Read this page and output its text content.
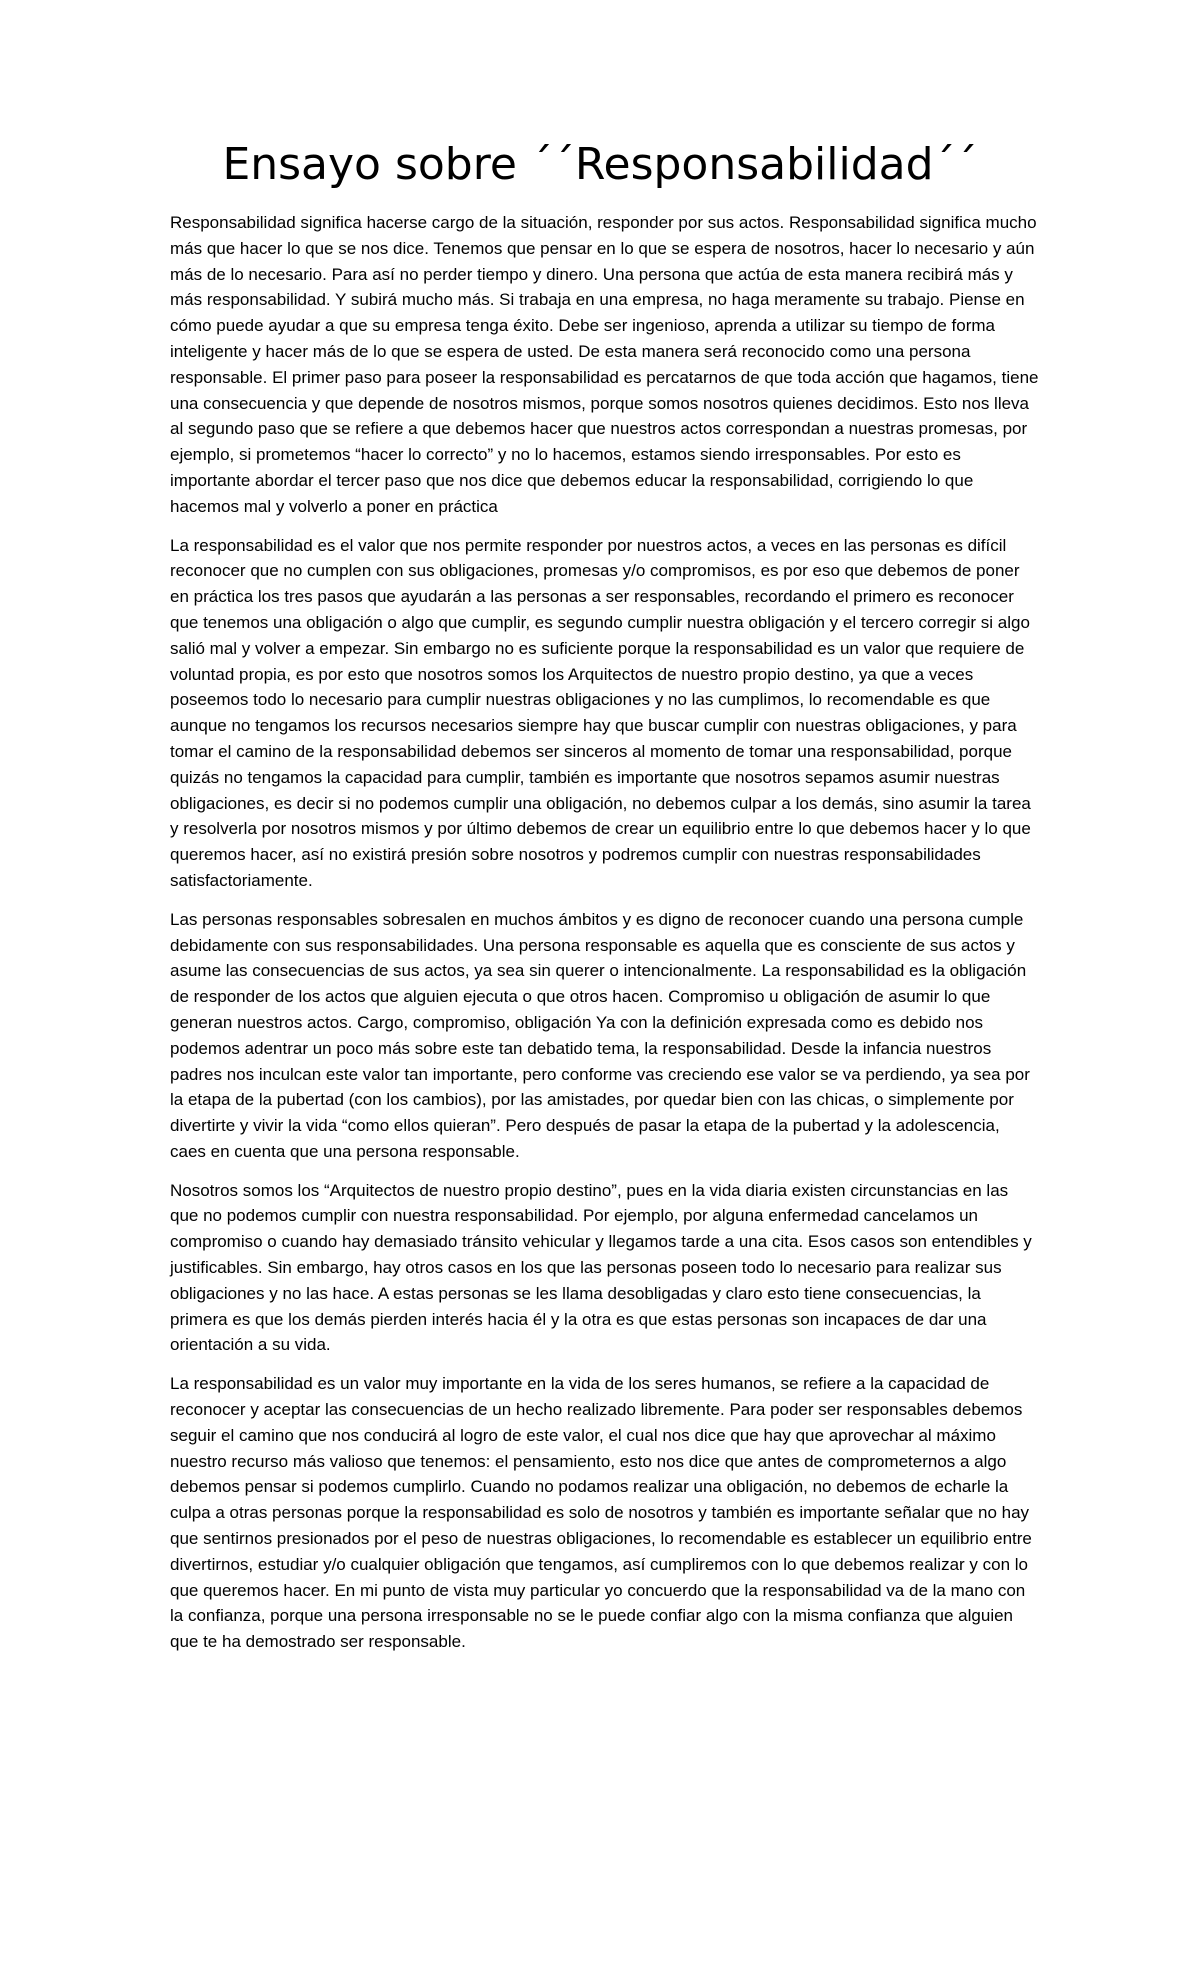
Ensayo sobre ´´Responsabilidad´´

Responsabilidad significa hacerse cargo de la situación, responder por sus actos. Responsabilidad significa mucho más que hacer lo que se nos dice. Tenemos que pensar en lo que se espera de nosotros, hacer lo necesario y aún más de lo necesario. Para así no perder tiempo y dinero. Una persona que actúa de esta manera recibirá más y más responsabilidad. Y subirá mucho más. Si trabaja en una empresa, no haga meramente su trabajo. Piense en cómo puede ayudar a que su empresa tenga éxito. Debe ser ingenioso, aprenda a utilizar su tiempo de forma inteligente y hacer más de lo que se espera de usted. De esta manera será reconocido como una persona responsable. El primer paso para poseer la responsabilidad es percatarnos de que toda acción que hagamos, tiene una consecuencia y que depende de nosotros mismos, porque somos nosotros quienes decidimos. Esto nos lleva al segundo paso que se refiere a que debemos hacer que nuestros actos correspondan a nuestras promesas, por ejemplo, si prometemos “hacer lo correcto” y no lo hacemos, estamos siendo irresponsables. Por esto es importante abordar el tercer paso que nos dice que debemos educar la responsabilidad, corrigiendo lo que hacemos mal y volverlo a poner en práctica

La responsabilidad es el valor que nos permite responder por nuestros actos, a veces en las personas es difícil reconocer que no cumplen con sus obligaciones, promesas y/o compromisos, es por eso que debemos de poner en práctica los tres pasos que ayudarán a las personas a ser responsables, recordando el primero es reconocer que tenemos una obligación o algo que cumplir, es segundo cumplir nuestra obligación y el tercero corregir si algo salió mal y volver a empezar. Sin embargo no es suficiente porque la responsabilidad es un valor que requiere de voluntad propia, es por esto que nosotros somos los Arquitectos de nuestro propio destino, ya que a veces poseemos todo lo necesario para cumplir nuestras obligaciones y no las cumplimos, lo recomendable es que aunque no tengamos los recursos necesarios siempre hay que buscar cumplir con nuestras obligaciones, y para tomar el camino de la responsabilidad debemos ser sinceros al momento de tomar una responsabilidad, porque quizás no tengamos la capacidad para cumplir, también es importante que nosotros sepamos asumir nuestras obligaciones, es decir si no podemos cumplir una obligación, no debemos culpar a los demás, sino asumir la tarea y resolverla por nosotros mismos y por último debemos de crear un equilibrio entre lo que debemos hacer y lo que queremos hacer, así no existirá presión sobre nosotros y podremos cumplir con nuestras responsabilidades satisfactoriamente.

Las personas responsables sobresalen en muchos ámbitos y es digno de reconocer cuando una persona cumple debidamente con sus responsabilidades. Una persona responsable es aquella que es consciente de sus actos y asume las consecuencias de sus actos, ya sea sin querer o intencionalmente. La responsabilidad es la obligación de responder de los actos que alguien ejecuta o que otros hacen. Compromiso u obligación de asumir lo que generan nuestros actos. Cargo, compromiso, obligación Ya con la definición expresada como es debido nos podemos adentrar un poco más sobre este tan debatido tema, la responsabilidad. Desde la infancia nuestros padres nos inculcan este valor tan importante, pero conforme vas creciendo ese valor se va perdiendo, ya sea por la etapa de la pubertad (con los cambios), por las amistades, por quedar bien con las chicas, o simplemente por divertirte y vivir la vida “como ellos quieran”. Pero después de pasar la etapa de la pubertad y la adolescencia, caes en cuenta que una persona responsable.

Nosotros somos los “Arquitectos de nuestro propio destino”, pues en la vida diaria existen circunstancias en las que no podemos cumplir con nuestra responsabilidad. Por ejemplo, por alguna enfermedad cancelamos un compromiso o cuando hay demasiado tránsito vehicular y llegamos tarde a una cita. Esos casos son entendibles y justificables. Sin embargo, hay otros casos en los que las personas poseen todo lo necesario para realizar sus obligaciones y no las hace. A estas personas se les llama desobligadas y claro esto tiene consecuencias, la primera es que los demás pierden interés hacia él y la otra es que estas personas son incapaces de dar una orientación a su vida.

La responsabilidad es un valor muy importante en la vida de los seres humanos, se refiere a la capacidad de reconocer y aceptar las consecuencias de un hecho realizado libremente. Para poder ser responsables debemos seguir el camino que nos conducirá al logro de este valor, el cual nos dice que hay que aprovechar al máximo nuestro recurso más valioso que tenemos: el pensamiento, esto nos dice que antes de comprometernos a algo debemos pensar si podemos cumplirlo. Cuando no podamos realizar una obligación, no debemos de echarle la culpa a otras personas porque la responsabilidad es solo de nosotros y también es importante señalar que no hay que sentirnos presionados por el peso de nuestras obligaciones, lo recomendable es establecer un equilibrio entre divertirnos, estudiar y/o cualquier obligación que tengamos, así cumpliremos con lo que debemos realizar y con lo que queremos hacer. En mi punto de vista muy particular yo concuerdo que la responsabilidad va de la mano con la confianza, porque una persona irresponsable no se le puede confiar algo con la misma confianza que alguien que te ha demostrado ser responsable.
